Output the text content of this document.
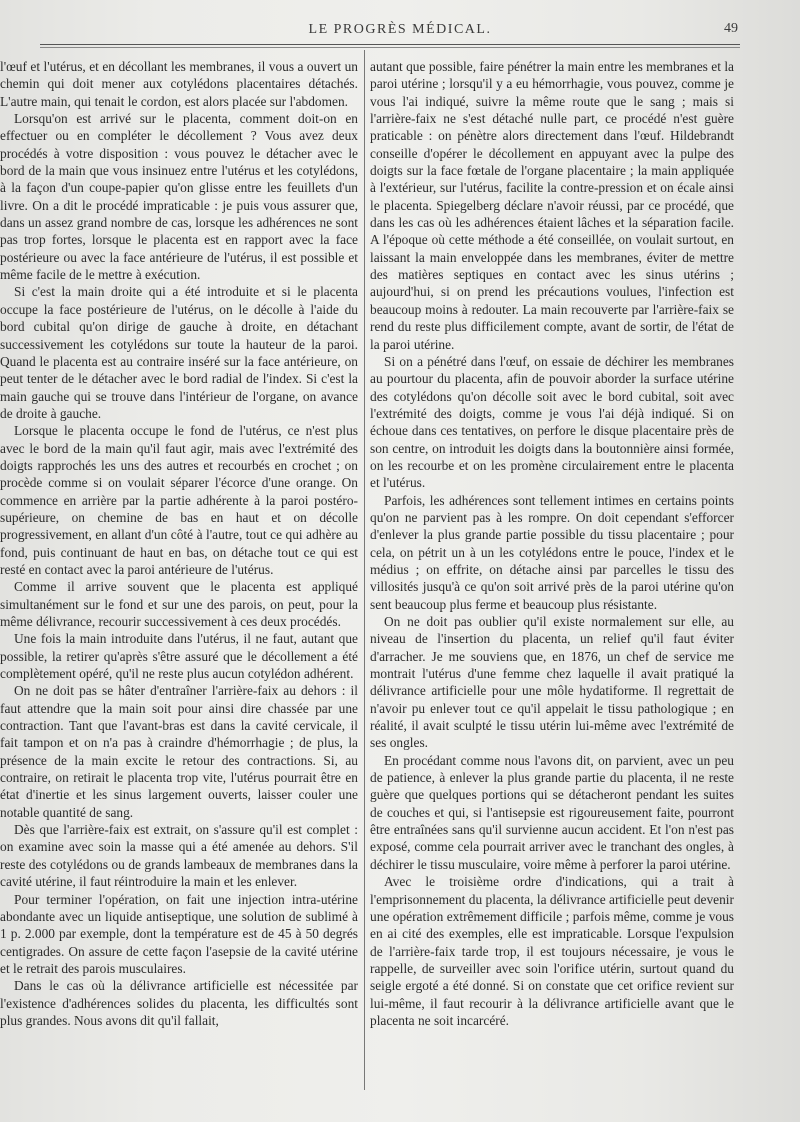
LE PROGRÈS MÉDICAL.	49

l'œuf et l'utérus, et en décollant les membranes, il vous a ouvert un chemin qui doit mener aux cotylédons placentaires détachés. L'autre main, qui tenait le cordon, est alors placée sur l'abdomen.

Lorsqu'on est arrivé sur le placenta, comment doit-on en effectuer ou en compléter le décollement ? Vous avez deux procédés à votre disposition : vous pouvez le détacher avec le bord de la main que vous insinuez entre l'utérus et les cotylédons, à la façon d'un coupe-papier qu'on glisse entre les feuillets d'un livre. On a dit le procédé impraticable : je puis vous assurer que, dans un assez grand nombre de cas, lorsque les adhérences ne sont pas trop fortes, lorsque le placenta est en rapport avec la face postérieure ou avec la face antérieure de l'utérus, il est possible et même facile de le mettre à exécution.

Si c'est la main droite qui a été introduite et si le placenta occupe la face postérieure de l'utérus, on le décolle à l'aide du bord cubital qu'on dirige de gauche à droite, en détachant successivement les cotylédons sur toute la hauteur de la paroi. Quand le placenta est au contraire inséré sur la face antérieure, on peut tenter de le détacher avec le bord radial de l'index. Si c'est la main gauche qui se trouve dans l'intérieur de l'organe, on avance de droite à gauche.

Lorsque le placenta occupe le fond de l'utérus, ce n'est plus avec le bord de la main qu'il faut agir, mais avec l'extrémité des doigts rapprochés les uns des autres et recourbés en crochet ; on procède comme si on voulait séparer l'écorce d'une orange. On commence en arrière par la partie adhérente à la paroi postéro-supérieure, on chemine de bas en haut et on décolle progressivement, en allant d'un côté à l'autre, tout ce qui adhère au fond, puis continuant de haut en bas, on détache tout ce qui est resté en contact avec la paroi antérieure de l'utérus.

Comme il arrive souvent que le placenta est appliqué simultanément sur le fond et sur une des parois, on peut, pour la même délivrance, recourir successivement à ces deux procédés.

Une fois la main introduite dans l'utérus, il ne faut, autant que possible, la retirer qu'après s'être assuré que le décollement a été complètement opéré, qu'il ne reste plus aucun cotylédon adhérent.

On ne doit pas se hâter d'entraîner l'arrière-faix au dehors : il faut attendre que la main soit pour ainsi dire chassée par une contraction. Tant que l'avant-bras est dans la cavité cervicale, il fait tampon et on n'a pas à craindre d'hémorrhagie ; de plus, la présence de la main excite le retour des contractions. Si, au contraire, on retirait le placenta trop vite, l'utérus pourrait être en état d'inertie et les sinus largement ouverts, laisser couler une notable quantité de sang.

Dès que l'arrière-faix est extrait, on s'assure qu'il est complet : on examine avec soin la masse qui a été amenée au dehors. S'il reste des cotylédons ou de grands lambeaux de membranes dans la cavité utérine, il faut réintroduire la main et les enlever.

Pour terminer l'opération, on fait une injection intra-utérine abondante avec un liquide antiseptique, une solution de sublimé à 1 p. 2.000 par exemple, dont la température est de 45 à 50 degrés centigrades. On assure de cette façon l'asepsie de la cavité utérine et le retrait des parois musculaires.

Dans le cas où la délivrance artificielle est nécessitée par l'existence d'adhérences solides du placenta, les difficultés sont plus grandes. Nous avons dit qu'il fallait,

autant que possible, faire pénétrer la main entre les membranes et la paroi utérine ; lorsqu'il y a eu hémorrhagie, vous pouvez, comme je vous l'ai indiqué, suivre la même route que le sang ; mais si l'arrière-faix ne s'est détaché nulle part, ce procédé n'est guère praticable : on pénètre alors directement dans l'œuf. Hildebrandt conseille d'opérer le décollement en appuyant avec la pulpe des doigts sur la face fœtale de l'organe placentaire ; la main appliquée à l'extérieur, sur l'utérus, facilite la contre-pression et on écale ainsi le placenta. Spiegelberg déclare n'avoir réussi, par ce procédé, que dans les cas où les adhérences étaient lâches et la séparation facile. A l'époque où cette méthode a été conseillée, on voulait surtout, en laissant la main enveloppée dans les membranes, éviter de mettre des matières septiques en contact avec les sinus utérins ; aujourd'hui, si on prend les précautions voulues, l'infection est beaucoup moins à redouter. La main recouverte par l'arrière-faix se rend du reste plus difficilement compte, avant de sortir, de l'état de la paroi utérine.

Si on a pénétré dans l'œuf, on essaie de déchirer les membranes au pourtour du placenta, afin de pouvoir aborder la surface utérine des cotylédons qu'on décolle soit avec le bord cubital, soit avec l'extrémité des doigts, comme je vous l'ai déjà indiqué. Si on échoue dans ces tentatives, on perfore le disque placentaire près de son centre, on introduit les doigts dans la boutonnière ainsi formée, on les recourbe et on les promène circulairement entre le placenta et l'utérus.

Parfois, les adhérences sont tellement intimes en certains points qu'on ne parvient pas à les rompre. On doit cependant s'efforcer d'enlever la plus grande partie possible du tissu placentaire ; pour cela, on pétrit un à un les cotylédons entre le pouce, l'index et le médius ; on effrite, on détache ainsi par parcelles le tissu des villosités jusqu'à ce qu'on soit arrivé près de la paroi utérine qu'on sent beaucoup plus ferme et beaucoup plus résistante.

On ne doit pas oublier qu'il existe normalement sur elle, au niveau de l'insertion du placenta, un relief qu'il faut éviter d'arracher. Je me souviens que, en 1876, un chef de service me montrait l'utérus d'une femme chez laquelle il avait pratiqué la délivrance artificielle pour une môle hydatiforme. Il regrettait de n'avoir pu enlever tout ce qu'il appelait le tissu pathologique ; en réalité, il avait sculpté le tissu utérin lui-même avec l'extrémité de ses ongles.

En procédant comme nous l'avons dit, on parvient, avec un peu de patience, à enlever la plus grande partie du placenta, il ne reste guère que quelques portions qui se détacheront pendant les suites de couches et qui, si l'antisepsie est rigoureusement faite, pourront être entraînées sans qu'il survienne aucun accident. Et l'on n'est pas exposé, comme cela pourrait arriver avec le tranchant des ongles, à déchirer le tissu musculaire, voire même à perforer la paroi utérine.

Avec le troisième ordre d'indications, qui a trait à l'emprisonnement du placenta, la délivrance artificielle peut devenir une opération extrêmement difficile ; parfois même, comme je vous en ai cité des exemples, elle est impraticable. Lorsque l'expulsion de l'arrière-faix tarde trop, il est toujours nécessaire, je vous le rappelle, de surveiller avec soin l'orifice utérin, surtout quand du seigle ergoté a été donné. Si on constate que cet orifice revient sur lui-même, il faut recourir à la délivrance artificielle avant que le placenta ne soit incarcéré.
